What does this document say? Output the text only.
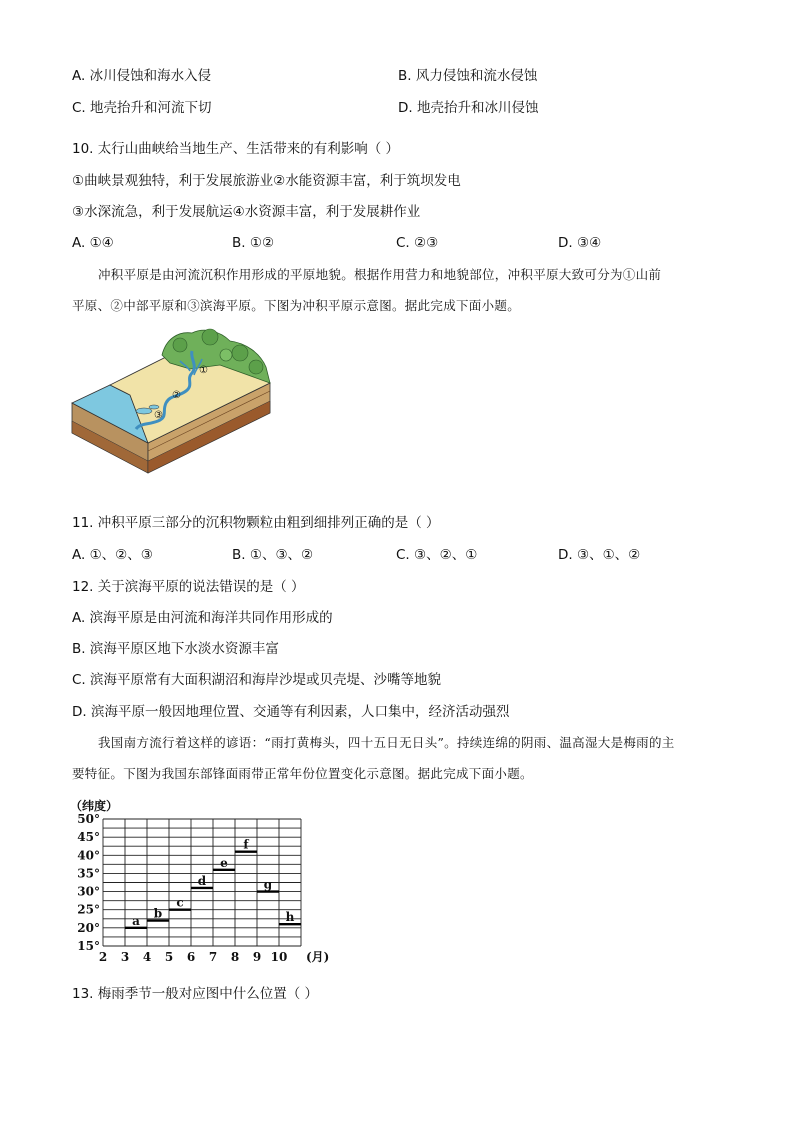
A. 冰川侵蚀和海水入侵	B. 风力侵蚀和流水侵蚀
C. 地壳抬升和河流下切	D. 地壳抬升和冰川侵蚀
10. 太行山曲峡给当地生产、生活带来的有利影响（ ）
①曲峡景观独特，利于发展旅游业②水能资源丰富，利于筑坝发电
③水深流急，利于发展航运④水资源丰富，利于发展耕作业
A. ①④	B. ①②	C. ②③	D. ③④
冲积平原是由河流沉积作用形成的平原地貌。根据作用营力和地貌部位，冲积平原大致可分为①山前
平原、②中部平原和③滨海平原。下图为冲积平原示意图。据此完成下面小题。
①
②
③
11. 冲积平原三部分的沉积物颗粒由粗到细排列正确的是（ ）
A. ①、②、③	B. ①、③、②	C. ③、②、①	D. ③、①、②
12. 关于滨海平原的说法错误的是（ ）
A. 滨海平原是由河流和海洋共同作用形成的
B. 滨海平原区地下水淡水资源丰富
C. 滨海平原常有大面积湖沼和海岸沙堤或贝壳堤、沙嘴等地貌
D. 滨海平原一般因地理位置、交通等有利因素，人口集中，经济活动强烈
我国南方流行着这样的谚语：“雨打黄梅头，四十五日无日头”。持续连绵的阴雨、温高湿大是梅雨的主
要特征。下图为我国东部锋面雨带正常年份位置变化示意图。据此完成下面小题。
（纬度）
50°
45°
40°
35°
30°
25°
20°
15°
2 3 4 5 6 7 8 9 10
a
b
c
d
e
f
g
h
(月)
13. 梅雨季节一般对应图中什么位置（ ）
